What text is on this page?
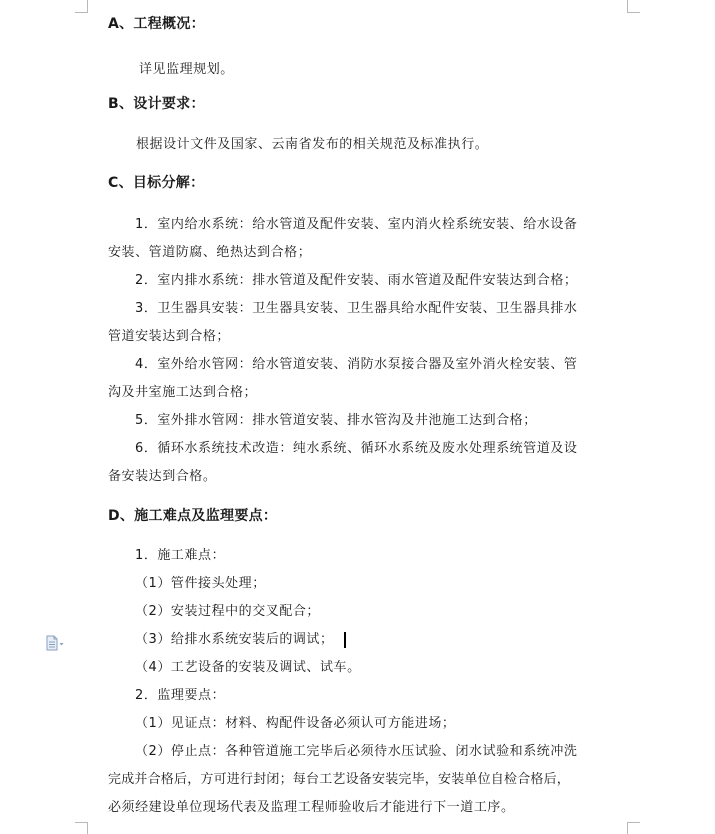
A、工程概况：
详见监理规划。
B、设计要求：
根据设计文件及国家、云南省发布的相关规范及标准执行。
C、目标分解：
1．室内给水系统：给水管道及配件安装、室内消火栓系统安装、给水设备
安装、管道防腐、绝热达到合格；
2．室内排水系统：排水管道及配件安装、雨水管道及配件安装达到合格；
3．卫生器具安装：卫生器具安装、卫生器具给水配件安装、卫生器具排水
管道安装达到合格；
4．室外给水管网：给水管道安装、消防水泵接合器及室外消火栓安装、管
沟及井室施工达到合格；
5．室外排水管网：排水管道安装、排水管沟及井池施工达到合格；
6．循环水系统技术改造：纯水系统、循环水系统及废水处理系统管道及设
备安装达到合格。
D、施工难点及监理要点：
1．施工难点：
（1）管件接头处理；
（2）安装过程中的交叉配合；
（3）给排水系统安装后的调试；
（4）工艺设备的安装及调试、试车。
2．监理要点：
（1）见证点：材料、构配件设备必须认可方能进场；
（2）停止点：各种管道施工完毕后必须待水压试验、闭水试验和系统冲洗
完成并合格后，方可进行封闭；每台工艺设备安装完毕，安装单位自检合格后，
必须经建设单位现场代表及监理工程师验收后才能进行下一道工序。
